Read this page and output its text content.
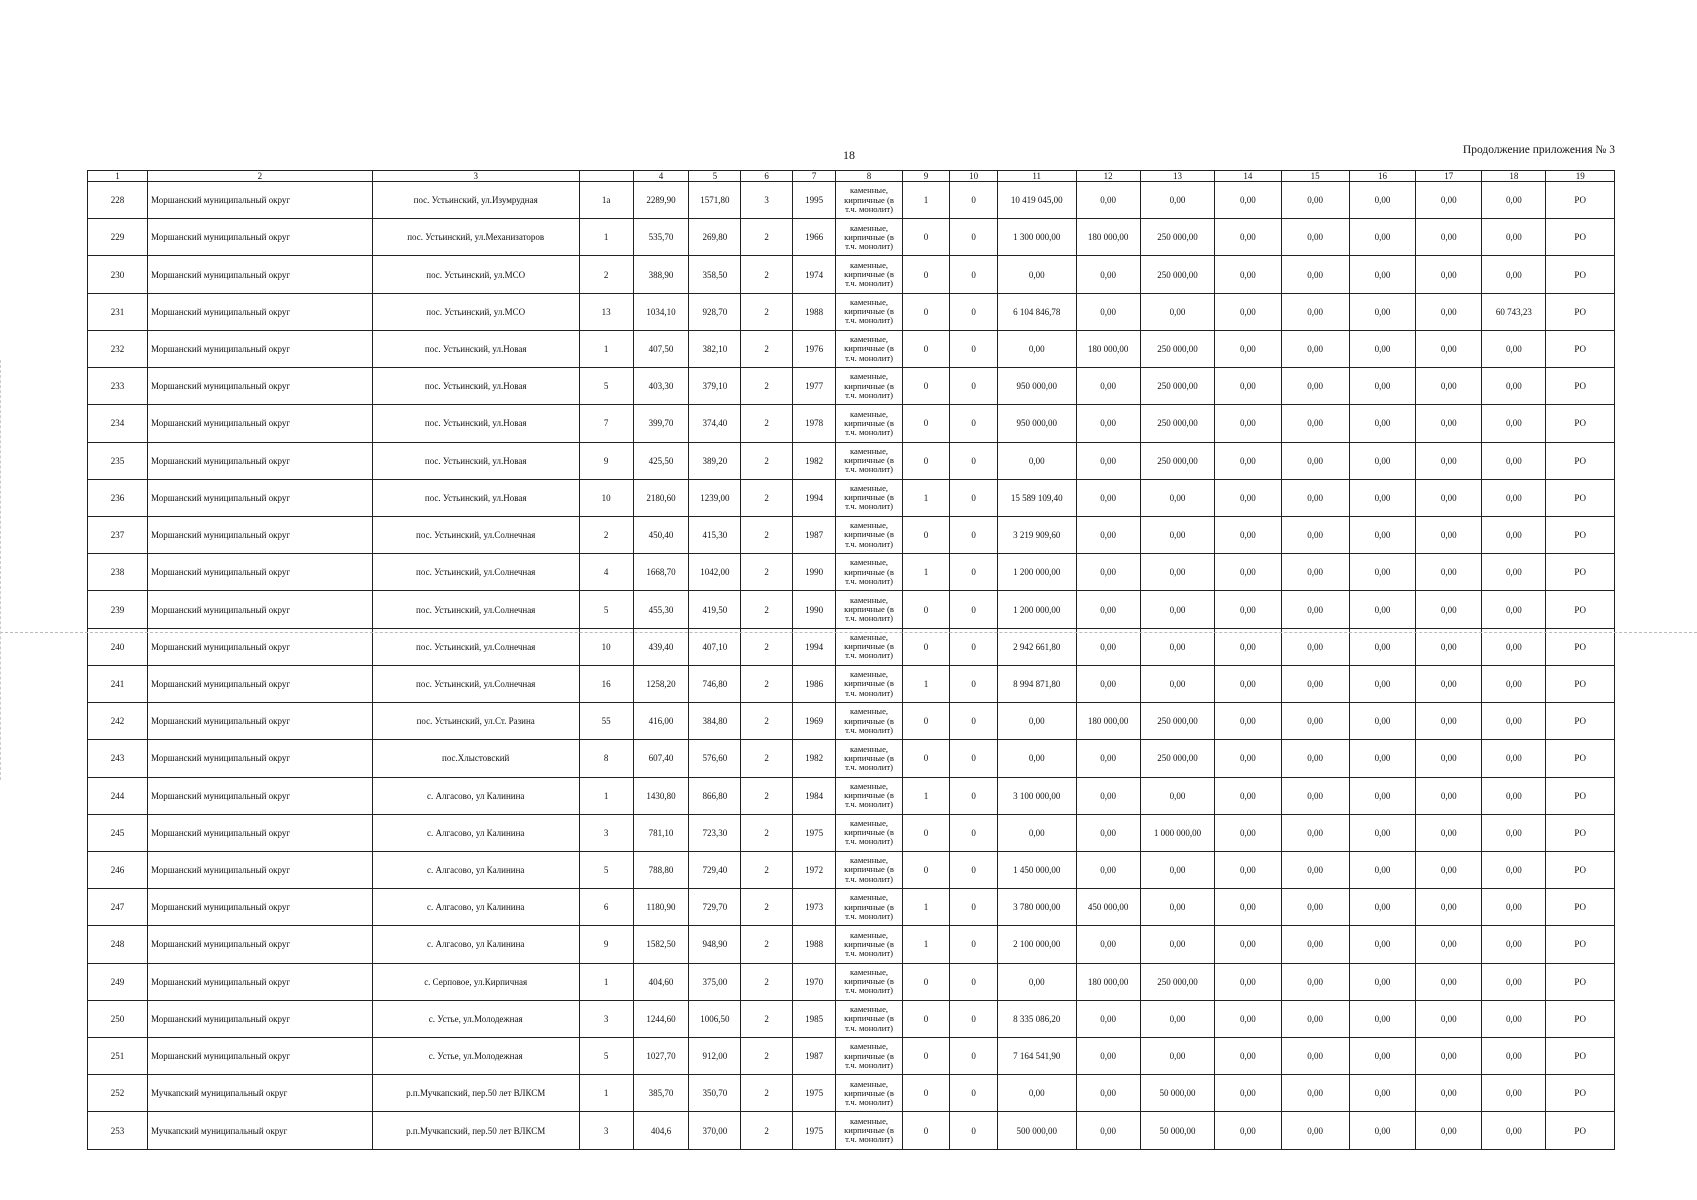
18	Продолжение приложения № 3
1	2	3		4	5	6	7	8	9	10	11	12	13	14	15	16	17	18	19
228	Моршанский муниципальный округ	пос. Устьинский, ул.Изумрудная	1а	2289,90	1571,80	3	1995	каменные, кирпичные (в т.ч. монолит)	1	0	10 419 045,00	0,00	0,00	0,00	0,00	0,00	0,00	0,00	РО
229	Моршанский муниципальный округ	пос. Устьинский, ул.Механизаторов	1	535,70	269,80	2	1966	каменные, кирпичные (в т.ч. монолит)	0	0	1 300 000,00	180 000,00	250 000,00	0,00	0,00	0,00	0,00	0,00	РО
230	Моршанский муниципальный округ	пос. Устьинский, ул.МСО	2	388,90	358,50	2	1974	каменные, кирпичные (в т.ч. монолит)	0	0	0,00	0,00	250 000,00	0,00	0,00	0,00	0,00	0,00	РО
231	Моршанский муниципальный округ	пос. Устьинский, ул.МСО	13	1034,10	928,70	2	1988	каменные, кирпичные (в т.ч. монолит)	0	0	6 104 846,78	0,00	0,00	0,00	0,00	0,00	0,00	60 743,23	РО
232	Моршанский муниципальный округ	пос. Устьинский, ул.Новая	1	407,50	382,10	2	1976	каменные, кирпичные (в т.ч. монолит)	0	0	0,00	180 000,00	250 000,00	0,00	0,00	0,00	0,00	0,00	РО
233	Моршанский муниципальный округ	пос. Устьинский, ул.Новая	5	403,30	379,10	2	1977	каменные, кирпичные (в т.ч. монолит)	0	0	950 000,00	0,00	250 000,00	0,00	0,00	0,00	0,00	0,00	РО
234	Моршанский муниципальный округ	пос. Устьинский, ул.Новая	7	399,70	374,40	2	1978	каменные, кирпичные (в т.ч. монолит)	0	0	950 000,00	0,00	250 000,00	0,00	0,00	0,00	0,00	0,00	РО
235	Моршанский муниципальный округ	пос. Устьинский, ул.Новая	9	425,50	389,20	2	1982	каменные, кирпичные (в т.ч. монолит)	0	0	0,00	0,00	250 000,00	0,00	0,00	0,00	0,00	0,00	РО
236	Моршанский муниципальный округ	пос. Устьинский, ул.Новая	10	2180,60	1239,00	2	1994	каменные, кирпичные (в т.ч. монолит)	1	0	15 589 109,40	0,00	0,00	0,00	0,00	0,00	0,00	0,00	РО
237	Моршанский муниципальный округ	пос. Устьинский, ул.Солнечная	2	450,40	415,30	2	1987	каменные, кирпичные (в т.ч. монолит)	0	0	3 219 909,60	0,00	0,00	0,00	0,00	0,00	0,00	0,00	РО
238	Моршанский муниципальный округ	пос. Устьинский, ул.Солнечная	4	1668,70	1042,00	2	1990	каменные, кирпичные (в т.ч. монолит)	1	0	1 200 000,00	0,00	0,00	0,00	0,00	0,00	0,00	0,00	РО
239	Моршанский муниципальный округ	пос. Устьинский, ул.Солнечная	5	455,30	419,50	2	1990	каменные, кирпичные (в т.ч. монолит)	0	0	1 200 000,00	0,00	0,00	0,00	0,00	0,00	0,00	0,00	РО
240	Моршанский муниципальный округ	пос. Устьинский, ул.Солнечная	10	439,40	407,10	2	1994	каменные, кирпичные (в т.ч. монолит)	0	0	2 942 661,80	0,00	0,00	0,00	0,00	0,00	0,00	0,00	РО
241	Моршанский муниципальный округ	пос. Устьинский, ул.Солнечная	16	1258,20	746,80	2	1986	каменные, кирпичные (в т.ч. монолит)	1	0	8 994 871,80	0,00	0,00	0,00	0,00	0,00	0,00	0,00	РО
242	Моршанский муниципальный округ	пос. Устьинский, ул.Ст. Разина	55	416,00	384,80	2	1969	каменные, кирпичные (в т.ч. монолит)	0	0	0,00	180 000,00	250 000,00	0,00	0,00	0,00	0,00	0,00	РО
243	Моршанский муниципальный округ	пос.Хлыстовский	8	607,40	576,60	2	1982	каменные, кирпичные (в т.ч. монолит)	0	0	0,00	0,00	250 000,00	0,00	0,00	0,00	0,00	0,00	РО
244	Моршанский муниципальный округ	с. Алгасово, ул Калинина	1	1430,80	866,80	2	1984	каменные, кирпичные (в т.ч. монолит)	1	0	3 100 000,00	0,00	0,00	0,00	0,00	0,00	0,00	0,00	РО
245	Моршанский муниципальный округ	с. Алгасово, ул Калинина	3	781,10	723,30	2	1975	каменные, кирпичные (в т.ч. монолит)	0	0	0,00	0,00	1 000 000,00	0,00	0,00	0,00	0,00	0,00	РО
246	Моршанский муниципальный округ	с. Алгасово, ул Калинина	5	788,80	729,40	2	1972	каменные, кирпичные (в т.ч. монолит)	0	0	1 450 000,00	0,00	0,00	0,00	0,00	0,00	0,00	0,00	РО
247	Моршанский муниципальный округ	с. Алгасово, ул Калинина	6	1180,90	729,70	2	1973	каменные, кирпичные (в т.ч. монолит)	1	0	3 780 000,00	450 000,00	0,00	0,00	0,00	0,00	0,00	0,00	РО
248	Моршанский муниципальный округ	с. Алгасово, ул Калинина	9	1582,50	948,90	2	1988	каменные, кирпичные (в т.ч. монолит)	1	0	2 100 000,00	0,00	0,00	0,00	0,00	0,00	0,00	0,00	РО
249	Моршанский муниципальный округ	с. Серповое, ул.Кирпичная	1	404,60	375,00	2	1970	каменные, кирпичные (в т.ч. монолит)	0	0	0,00	180 000,00	250 000,00	0,00	0,00	0,00	0,00	0,00	РО
250	Моршанский муниципальный округ	с. Устье, ул.Молодежная	3	1244,60	1006,50	2	1985	каменные, кирпичные (в т.ч. монолит)	0	0	8 335 086,20	0,00	0,00	0,00	0,00	0,00	0,00	0,00	РО
251	Моршанский муниципальный округ	с. Устье, ул.Молодежная	5	1027,70	912,00	2	1987	каменные, кирпичные (в т.ч. монолит)	0	0	7 164 541,90	0,00	0,00	0,00	0,00	0,00	0,00	0,00	РО
252	Мучкапский муниципальный округ	р.п.Мучкапский, пер.50 лет ВЛКСМ	1	385,70	350,70	2	1975	каменные, кирпичные (в т.ч. монолит)	0	0	0,00	0,00	50 000,00	0,00	0,00	0,00	0,00	0,00	РО
253	Мучкапский муниципальный округ	р.п.Мучкапский, пер.50 лет ВЛКСМ	3	404,6	370,00	2	1975	каменные, кирпичные (в т.ч. монолит)	0	0	500 000,00	0,00	50 000,00	0,00	0,00	0,00	0,00	0,00	РО
